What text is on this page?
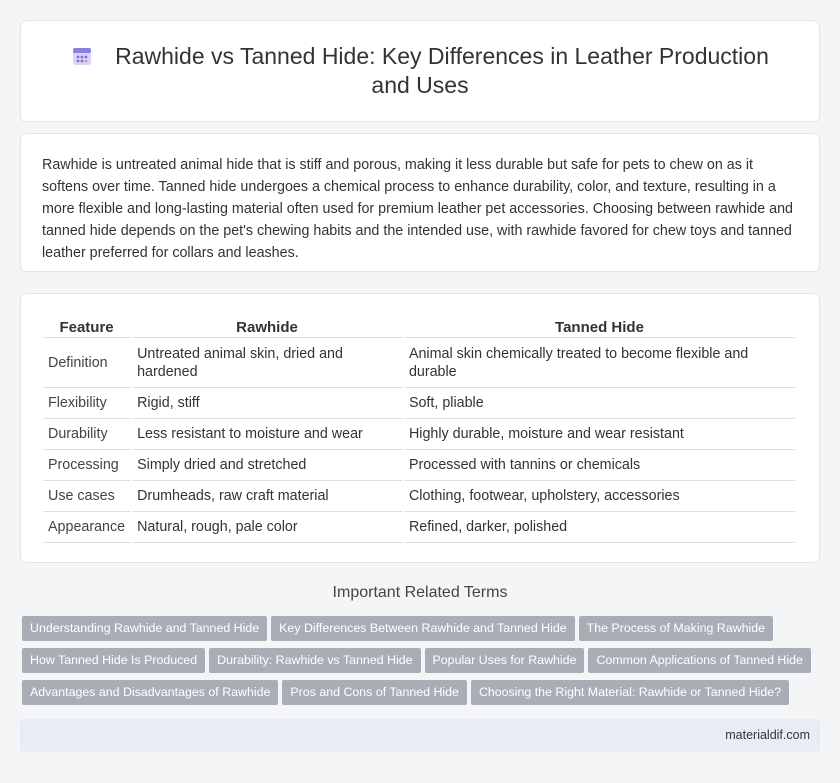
Rawhide vs Tanned Hide: Key Differences in Leather Production and Uses

Rawhide is untreated animal hide that is stiff and porous, making it less durable but safe for pets to chew on as it softens over time. Tanned hide undergoes a chemical process to enhance durability, color, and texture, resulting in a more flexible and long-lasting material often used for premium leather pet accessories. Choosing between rawhide and tanned hide depends on the pet's chewing habits and the intended use, with rawhide favored for chew toys and tanned leather preferred for collars and leashes.

Feature	Rawhide	Tanned Hide
Definition	Untreated animal skin, dried and hardened	Animal skin chemically treated to become flexible and durable
Flexibility	Rigid, stiff	Soft, pliable
Durability	Less resistant to moisture and wear	Highly durable, moisture and wear resistant
Processing	Simply dried and stretched	Processed with tannins or chemicals
Use cases	Drumheads, raw craft material	Clothing, footwear, upholstery, accessories
Appearance	Natural, rough, pale color	Refined, darker, polished
Important Related Terms
Understanding Rawhide and Tanned Hide Key Differences Between Rawhide and Tanned Hide The Process of Making Rawhide
How Tanned Hide Is Produced Durability: Rawhide vs Tanned Hide Popular Uses for Rawhide Common Applications of Tanned Hide
Advantages and Disadvantages of Rawhide Pros and Cons of Tanned Hide Choosing the Right Material: Rawhide or Tanned Hide?
materialdif.com
